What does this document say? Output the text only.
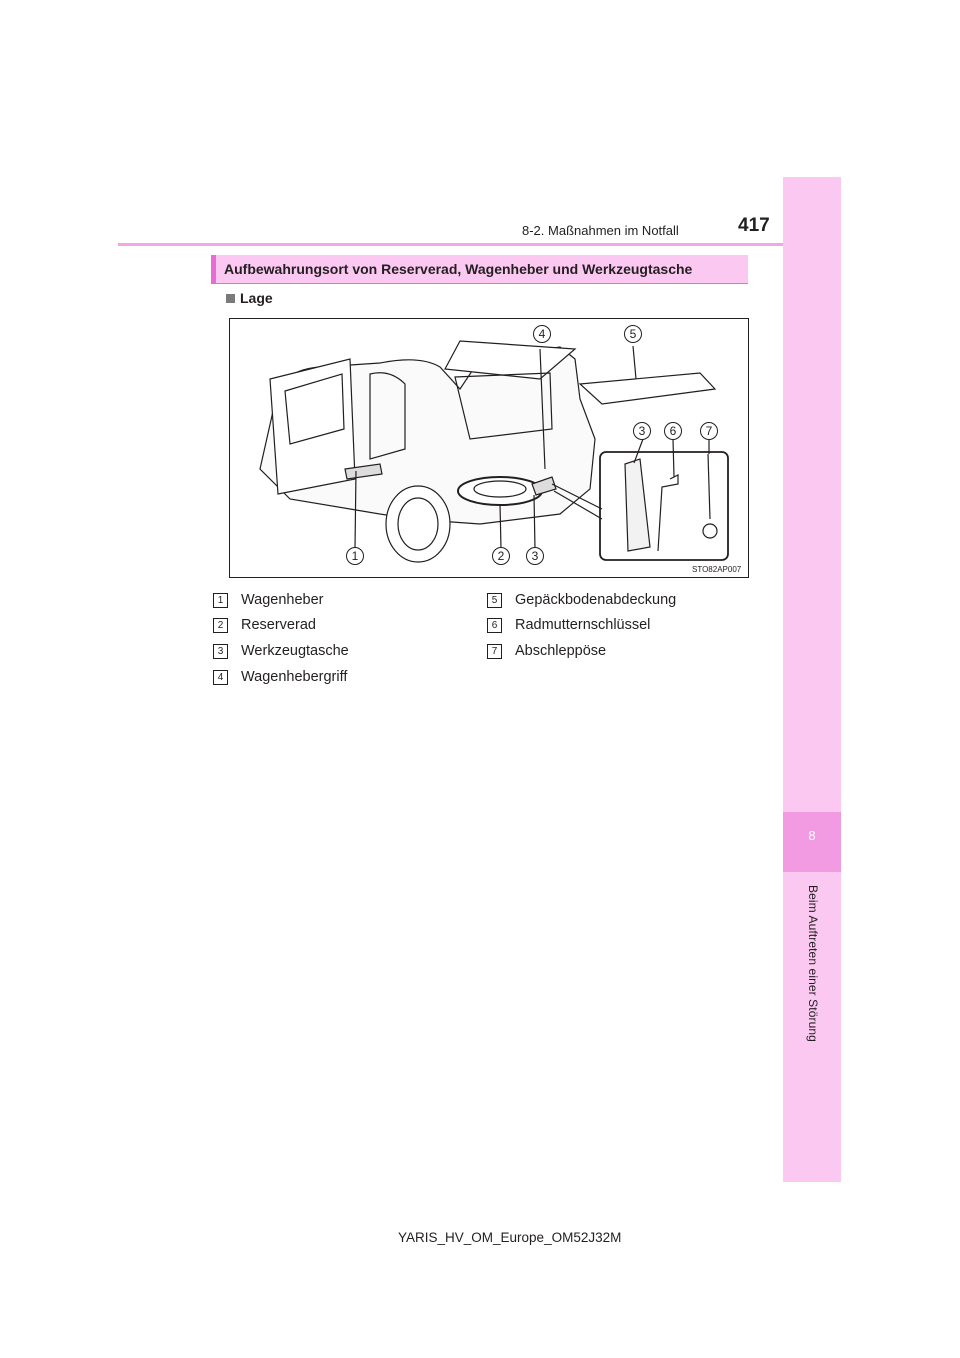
8-2. Maßnahmen im Notfall	417
8
Beim Auftreten einer Störung
Aufbewahrungsort von Reserverad, Wagenheber und Werkzeugtasche
Lage
4	5
3	6	7
1	2	3
STO82AP007
1	Wagenheber
2	Reserverad
3	Werkzeugtasche
4	Wagenhebergriff
5	Gepäckbodenabdeckung
6	Radmutternschlüssel
7	Abschleppöse
YARIS_HV_OM_Europe_OM52J32M
